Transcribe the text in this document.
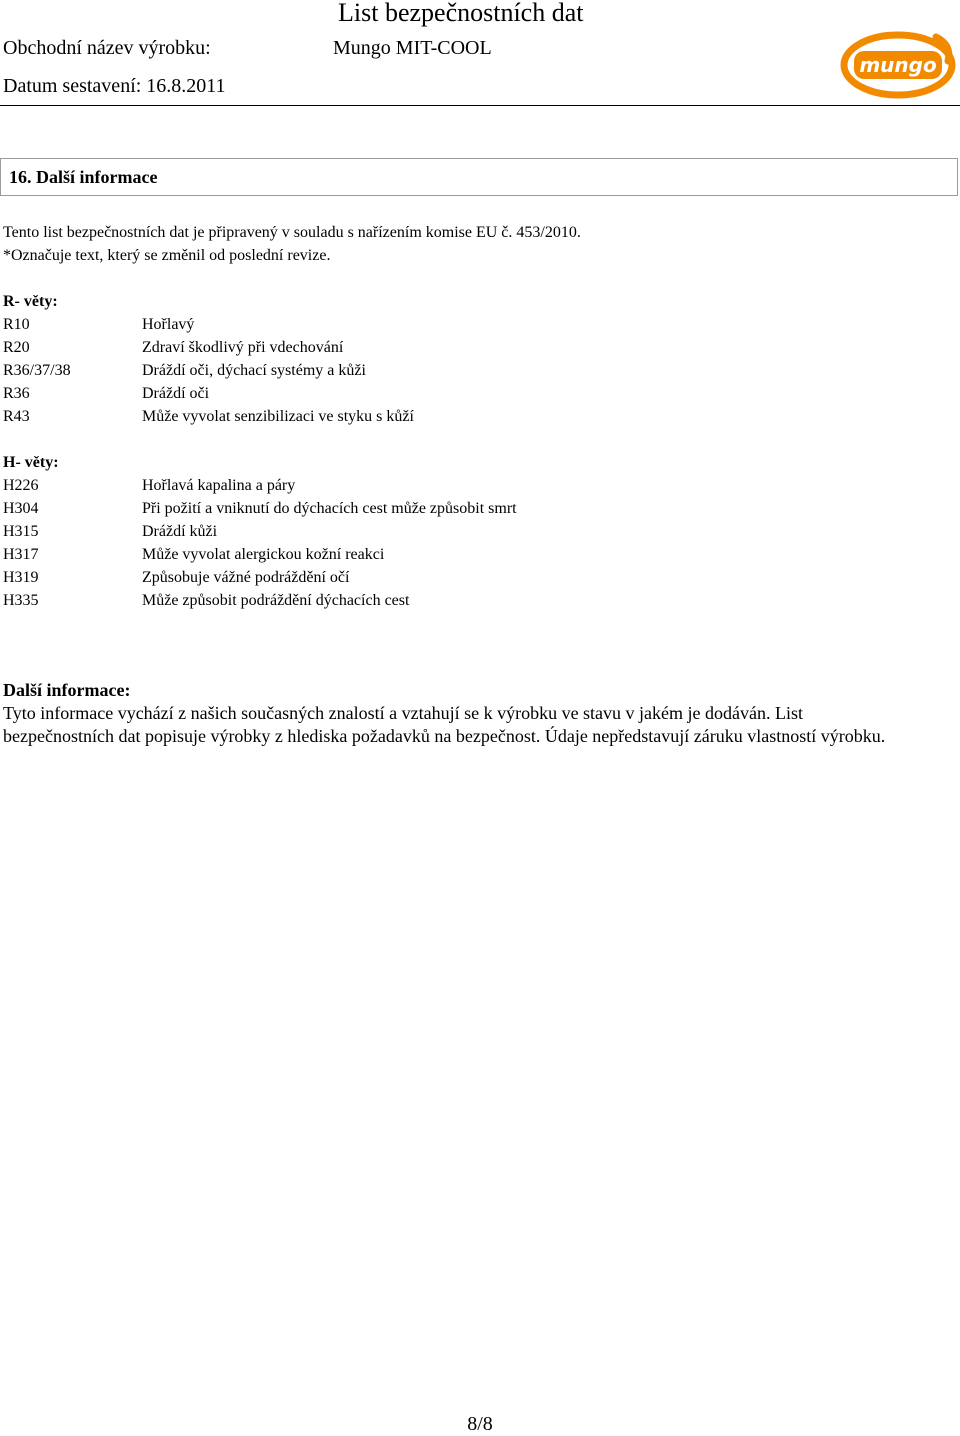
List bezpečnostních dat
Obchodní název výrobku:	Mungo MIT-COOL
Datum sestavení: 16.8.2011
mungo
16. Další informace
Tento list bezpečnostních dat je připravený v souladu s nařízením komise EU č. 453/2010.
*Označuje text, který se změnil od poslední revize.
R- věty:
R10	Hořlavý
R20	Zdraví škodlivý při vdechování
R36/37/38	Dráždí oči, dýchací systémy a kůži
R36	Dráždí oči
R43	Může vyvolat senzibilizaci ve styku s kůží
H- věty:
H226	Hořlavá kapalina a páry
H304	Při požití a vniknutí do dýchacích cest může způsobit smrt
H315	Dráždí kůži
H317	Může vyvolat alergickou kožní reakci
H319	Způsobuje vážné podráždění očí
H335	Může způsobit podráždění dýchacích cest
Další informace:
Tyto informace vychází z našich současných znalostí a vztahují se k výrobku ve stavu v jakém je dodáván. List bezpečnostních dat popisuje výrobky z hlediska požadavků na bezpečnost. Údaje nepředstavují záruku vlastností výrobku.
8/8
